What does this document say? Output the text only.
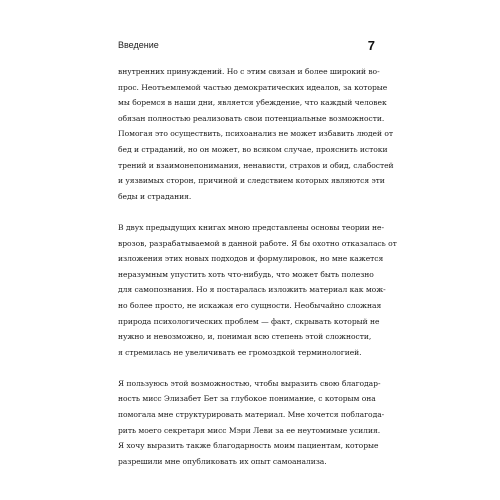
Введение	7
внутренних принуждений. Но с этим связан и более широкий во-
прос. Неотъемлемой частью демократических идеалов, за которые
мы боремся в наши дни, является убеждение, что каждый человек
обязан полностью реализовать свои потенциальные возможности.
Помогая это осуществить, психоанализ не может избавить людей от
бед и страданий, но он может, во всяком случае, прояснить истоки
трений и взаимонепонимания, ненависти, страхов и обид, слабостей
и уязвимых сторон, причиной и следствием которых являются эти
беды и страдания.
В двух предыдущих книгах мною представлены основы теории не-
врозов, разрабатываемой в данной работе. Я бы охотно отказалась от
изложения этих новых подходов и формулировок, но мне кажется
неразумным упустить хоть что-нибудь, что может быть полезно
для самопознания. Но я постаралась изложить материал как мож-
но более просто, не искажая его сущности. Необычайно сложная
природа психологических проблем — факт, скрывать который не
нужно и невозможно, и, понимая всю степень этой сложности,
я стремилась не увеличивать ее громоздкой терминологией.
Я пользуюсь этой возможностью, чтобы выразить свою благодар-
ность мисс Элизабет Бет за глубокое понимание, с которым она
помогала мне структурировать материал. Мне хочется поблагода-
рить моего секретаря мисс Мэри Леви за ее неутомимые усилия.
Я хочу выразить также благодарность моим пациентам, которые
разрешили мне опубликовать их опыт самоанализа.
